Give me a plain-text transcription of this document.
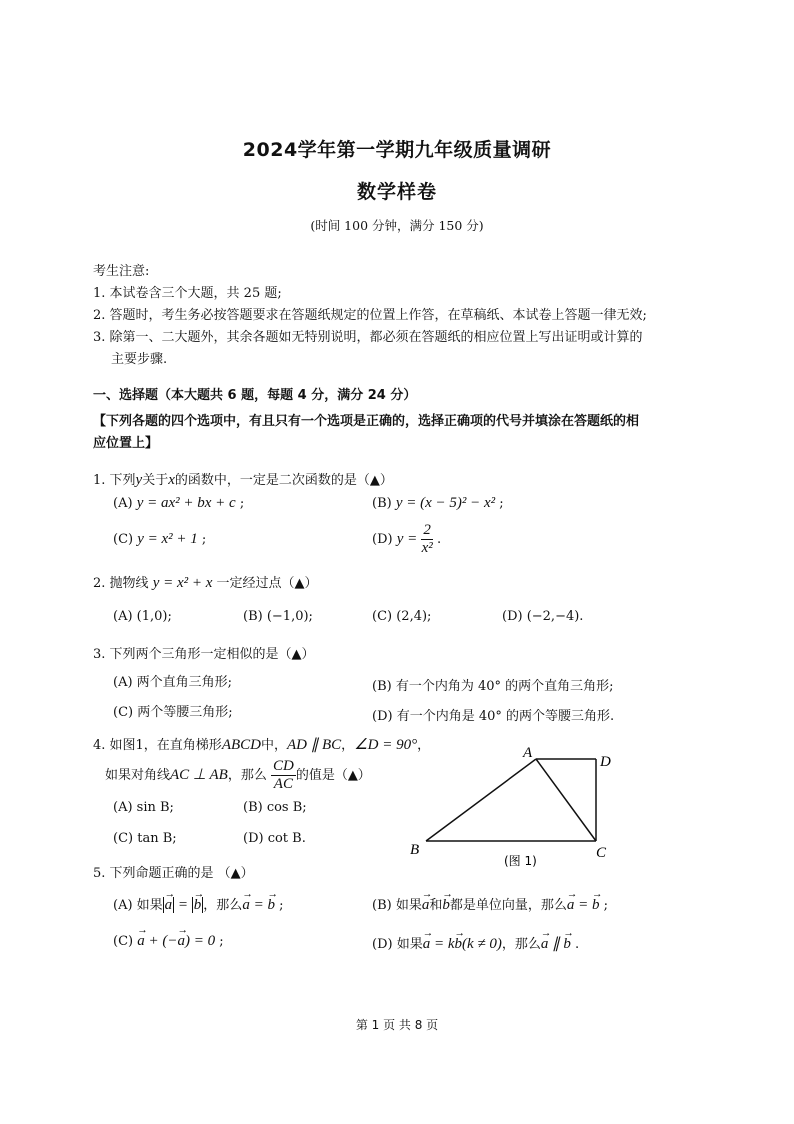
2024学年第一学期九年级质量调研
数学样卷
(时间 100 分钟，满分 150 分)
考生注意:
1. 本试卷含三个大题，共 25 题;
2. 答题时，考生务必按答题要求在答题纸规定的位置上作答，在草稿纸、本试卷上答题一律无效;
3. 除第一、二大题外，其余各题如无特别说明，都必须在答题纸的相应位置上写出证明或计算的
主要步骤.
一、选择题（本大题共 6 题，每题 4 分，满分 24 分）
【下列各题的四个选项中，有且只有一个选项是正确的，选择正确项的代号并填涂在答题纸的相
应位置上】
1. 下列y关于x的函数中，一定是二次函数的是（▲）
(A) y = ax² + bx + c ;	(B) y = (x − 5)² − x² ;
(C) y = x² + 1 ;	(D) $y = \frac{2}{\text{x²}}$ .
2. 抛物线 y = x² + x 一定经过点（▲）
(A) (1,0);	(B) (−1,0);	(C) (2,4);	(D) (−2,−4).
3. 下列两个三角形一定相似的是（▲）
(A) 两个直角三角形;	(B) 有一个内角为 40° 的两个直角三角形;
(C) 两个等腰三角形;	(D) 有一个内角是 40° 的两个等腰三角形.
4. 如图1，在直角梯形ABCD中，AD ∥ BC，∠D = 90°，
如果对角线AC ⊥ AB，那么 $\frac{CD}{AC}$ 的值是（▲）
(A) sin B;	(B) cos B;
(C) tan B;	(D) cot B.
A
D
B	C
(图 1)
5. 下列命题正确的是 （▲）
(A) 如果 → a = → b ，那么→ a = → b ;	(B) 如果→ a和→ b都是单位向量，那么→ a = → b ;
(C) → a + (−→ a) = 0 ;	(D) 如果→ a = k→ b(k ≠ 0)，那么→ a ∥ → b .
第 1 页 共 8 页
